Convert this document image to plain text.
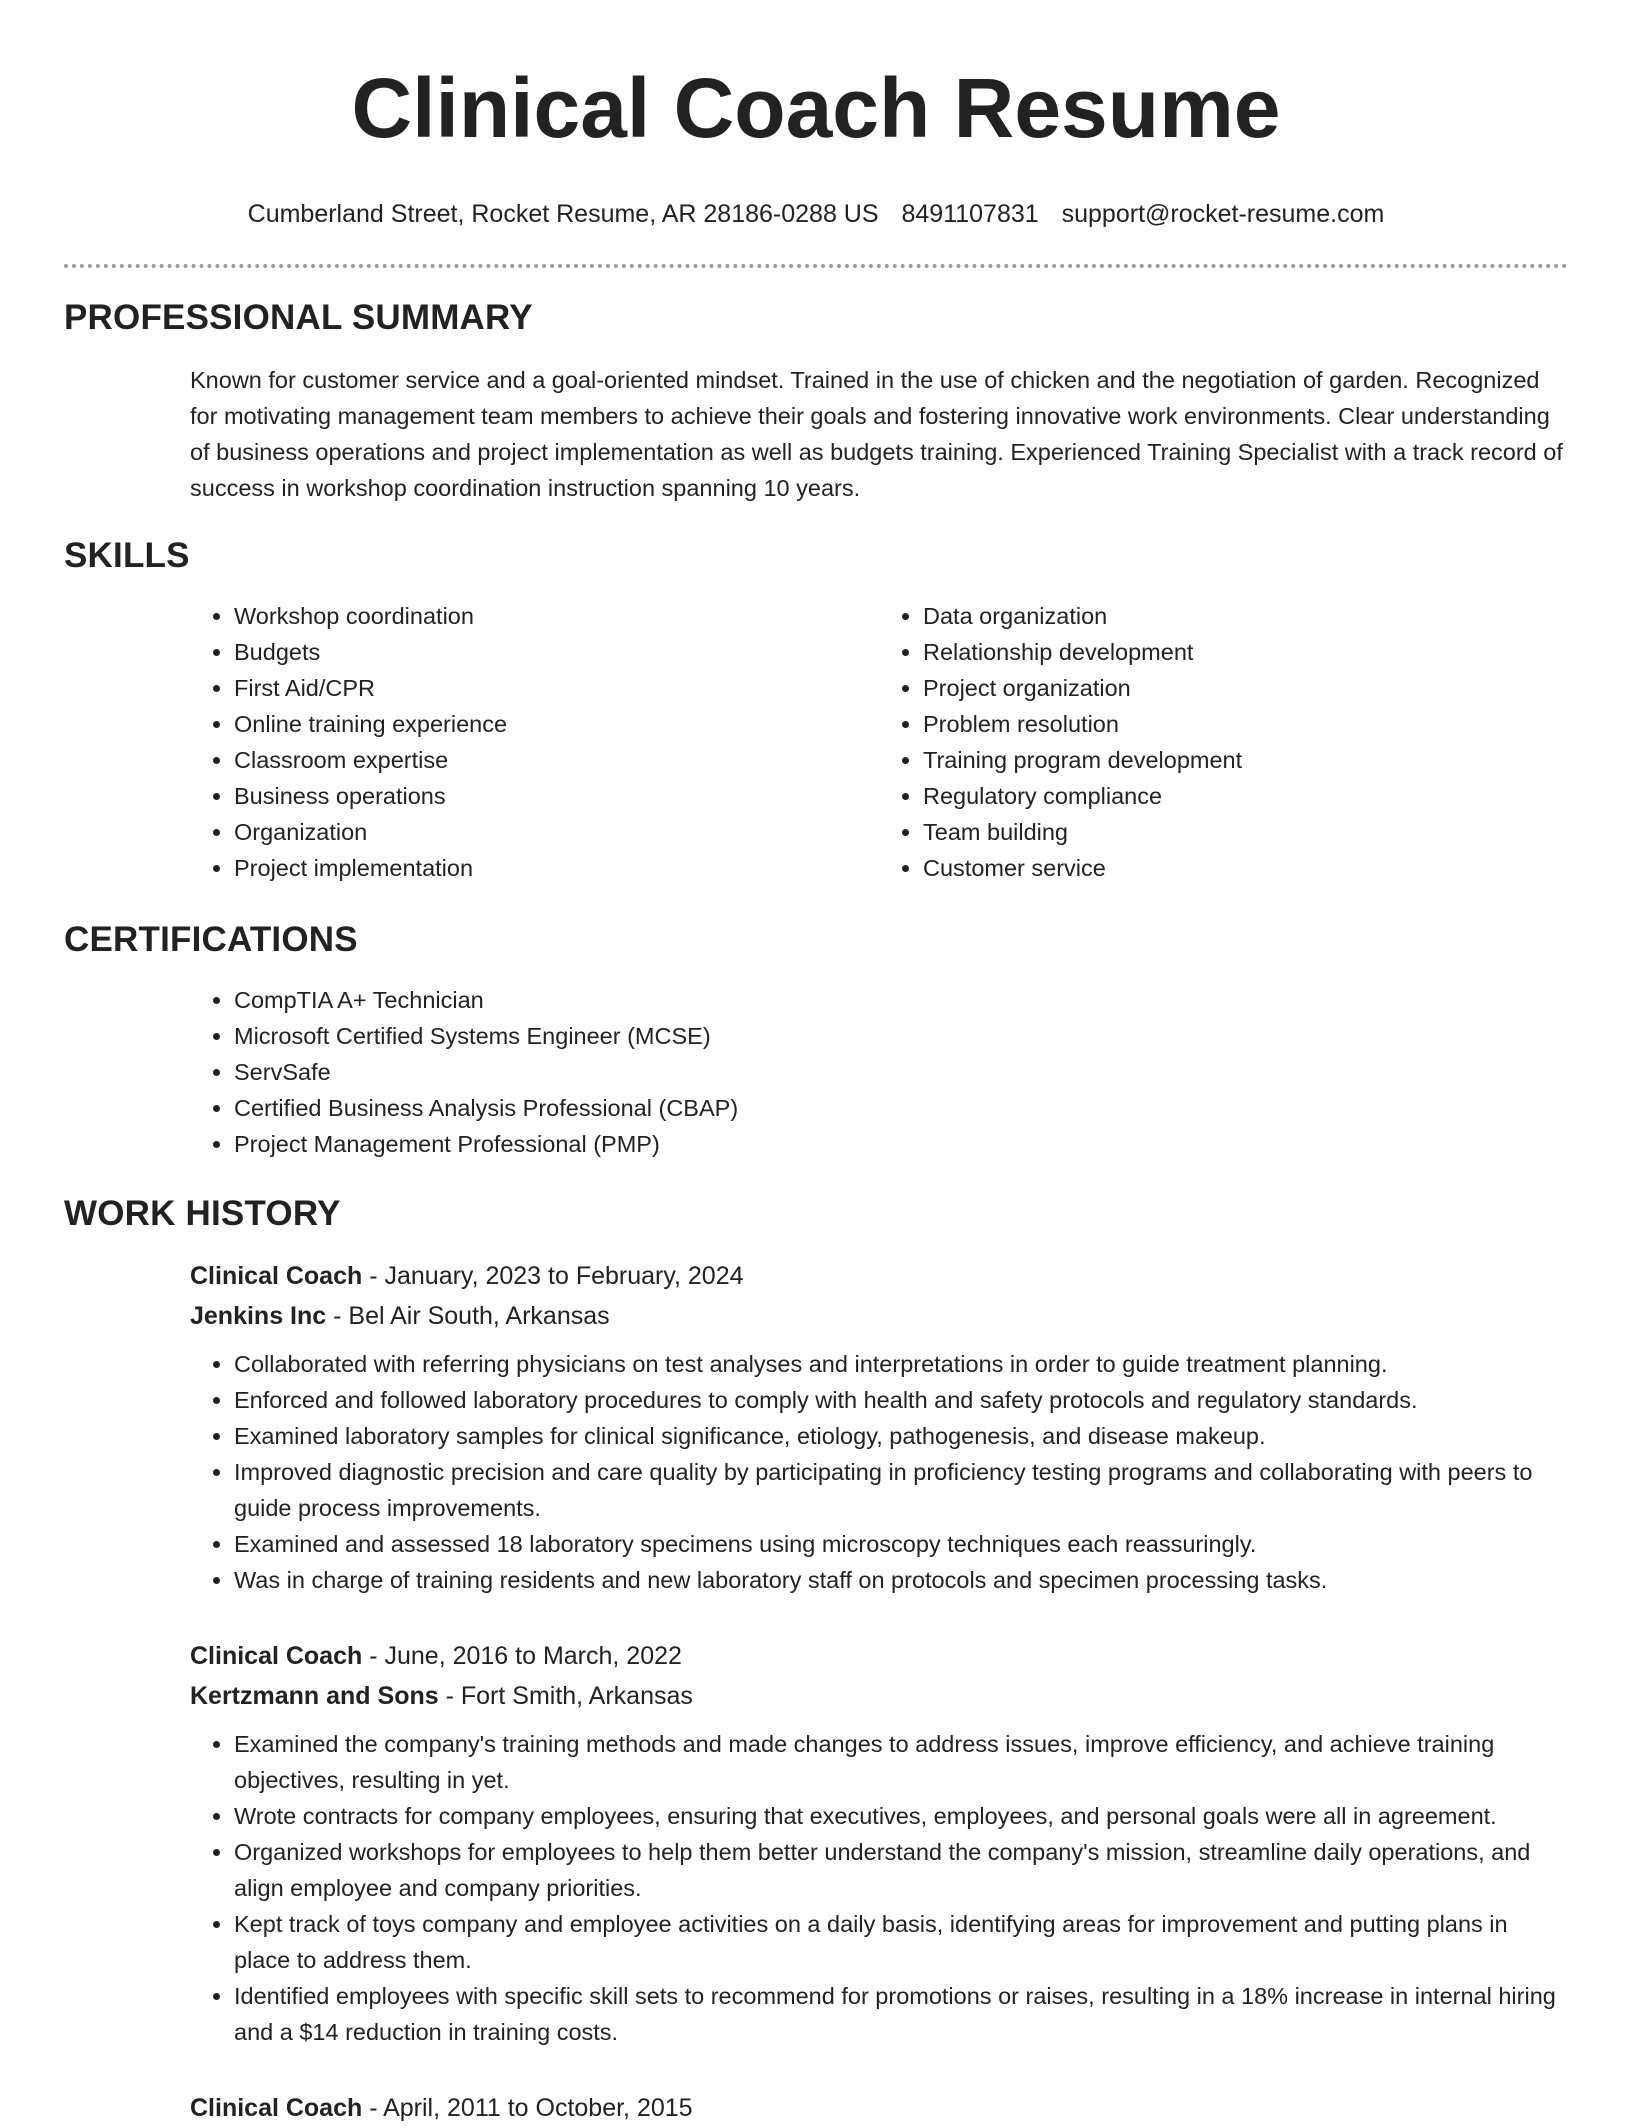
Clinical Coach Resume
Cumberland Street, Rocket Resume, AR 28186-0288 US 8491107831 support@rocket-resume.com
PROFESSIONAL SUMMARY

Known for customer service and a goal-oriented mindset. Trained in the use of chicken and the negotiation of garden. Recognized for motivating management team members to achieve their goals and fostering innovative work environments. Clear understanding of business operations and project implementation as well as budgets training. Experienced Training Specialist with a track record of success in workshop coordination instruction spanning 10 years.

SKILLS
• Workshop coordination
• Budgets
• First Aid/CPR
• Online training experience
• Classroom expertise
• Business operations
• Organization
• Project implementation
• Data organization
• Relationship development
• Project organization
• Problem resolution
• Training program development
• Regulatory compliance
• Team building
• Customer service
CERTIFICATIONS
• CompTIA A+ Technician
• Microsoft Certified Systems Engineer (MCSE)
• ServSafe
• Certified Business Analysis Professional (CBAP)
• Project Management Professional (PMP)
WORK HISTORY
Clinical Coach - January, 2023 to February, 2024
Jenkins Inc - Bel Air South, Arkansas
• Collaborated with referring physicians on test analyses and interpretations in order to guide treatment planning.
• Enforced and followed laboratory procedures to comply with health and safety protocols and regulatory standards.
• Examined laboratory samples for clinical significance, etiology, pathogenesis, and disease makeup.
• Improved diagnostic precision and care quality by participating in proficiency testing programs and collaborating with peers to guide process improvements.
• Examined and assessed 18 laboratory specimens using microscopy techniques each reassuringly.
• Was in charge of training residents and new laboratory staff on protocols and specimen processing tasks.
Clinical Coach - June, 2016 to March, 2022
Kertzmann and Sons - Fort Smith, Arkansas
• Examined the company's training methods and made changes to address issues, improve efficiency, and achieve training objectives, resulting in yet.
• Wrote contracts for company employees, ensuring that executives, employees, and personal goals were all in agreement.
• Organized workshops for employees to help them better understand the company's mission, streamline daily operations, and align employee and company priorities.
• Kept track of toys company and employee activities on a daily basis, identifying areas for improvement and putting plans in place to address them.
• Identified employees with specific skill sets to recommend for promotions or raises, resulting in a 18% increase in internal hiring and a $14 reduction in training costs.
Clinical Coach - April, 2011 to October, 2015
